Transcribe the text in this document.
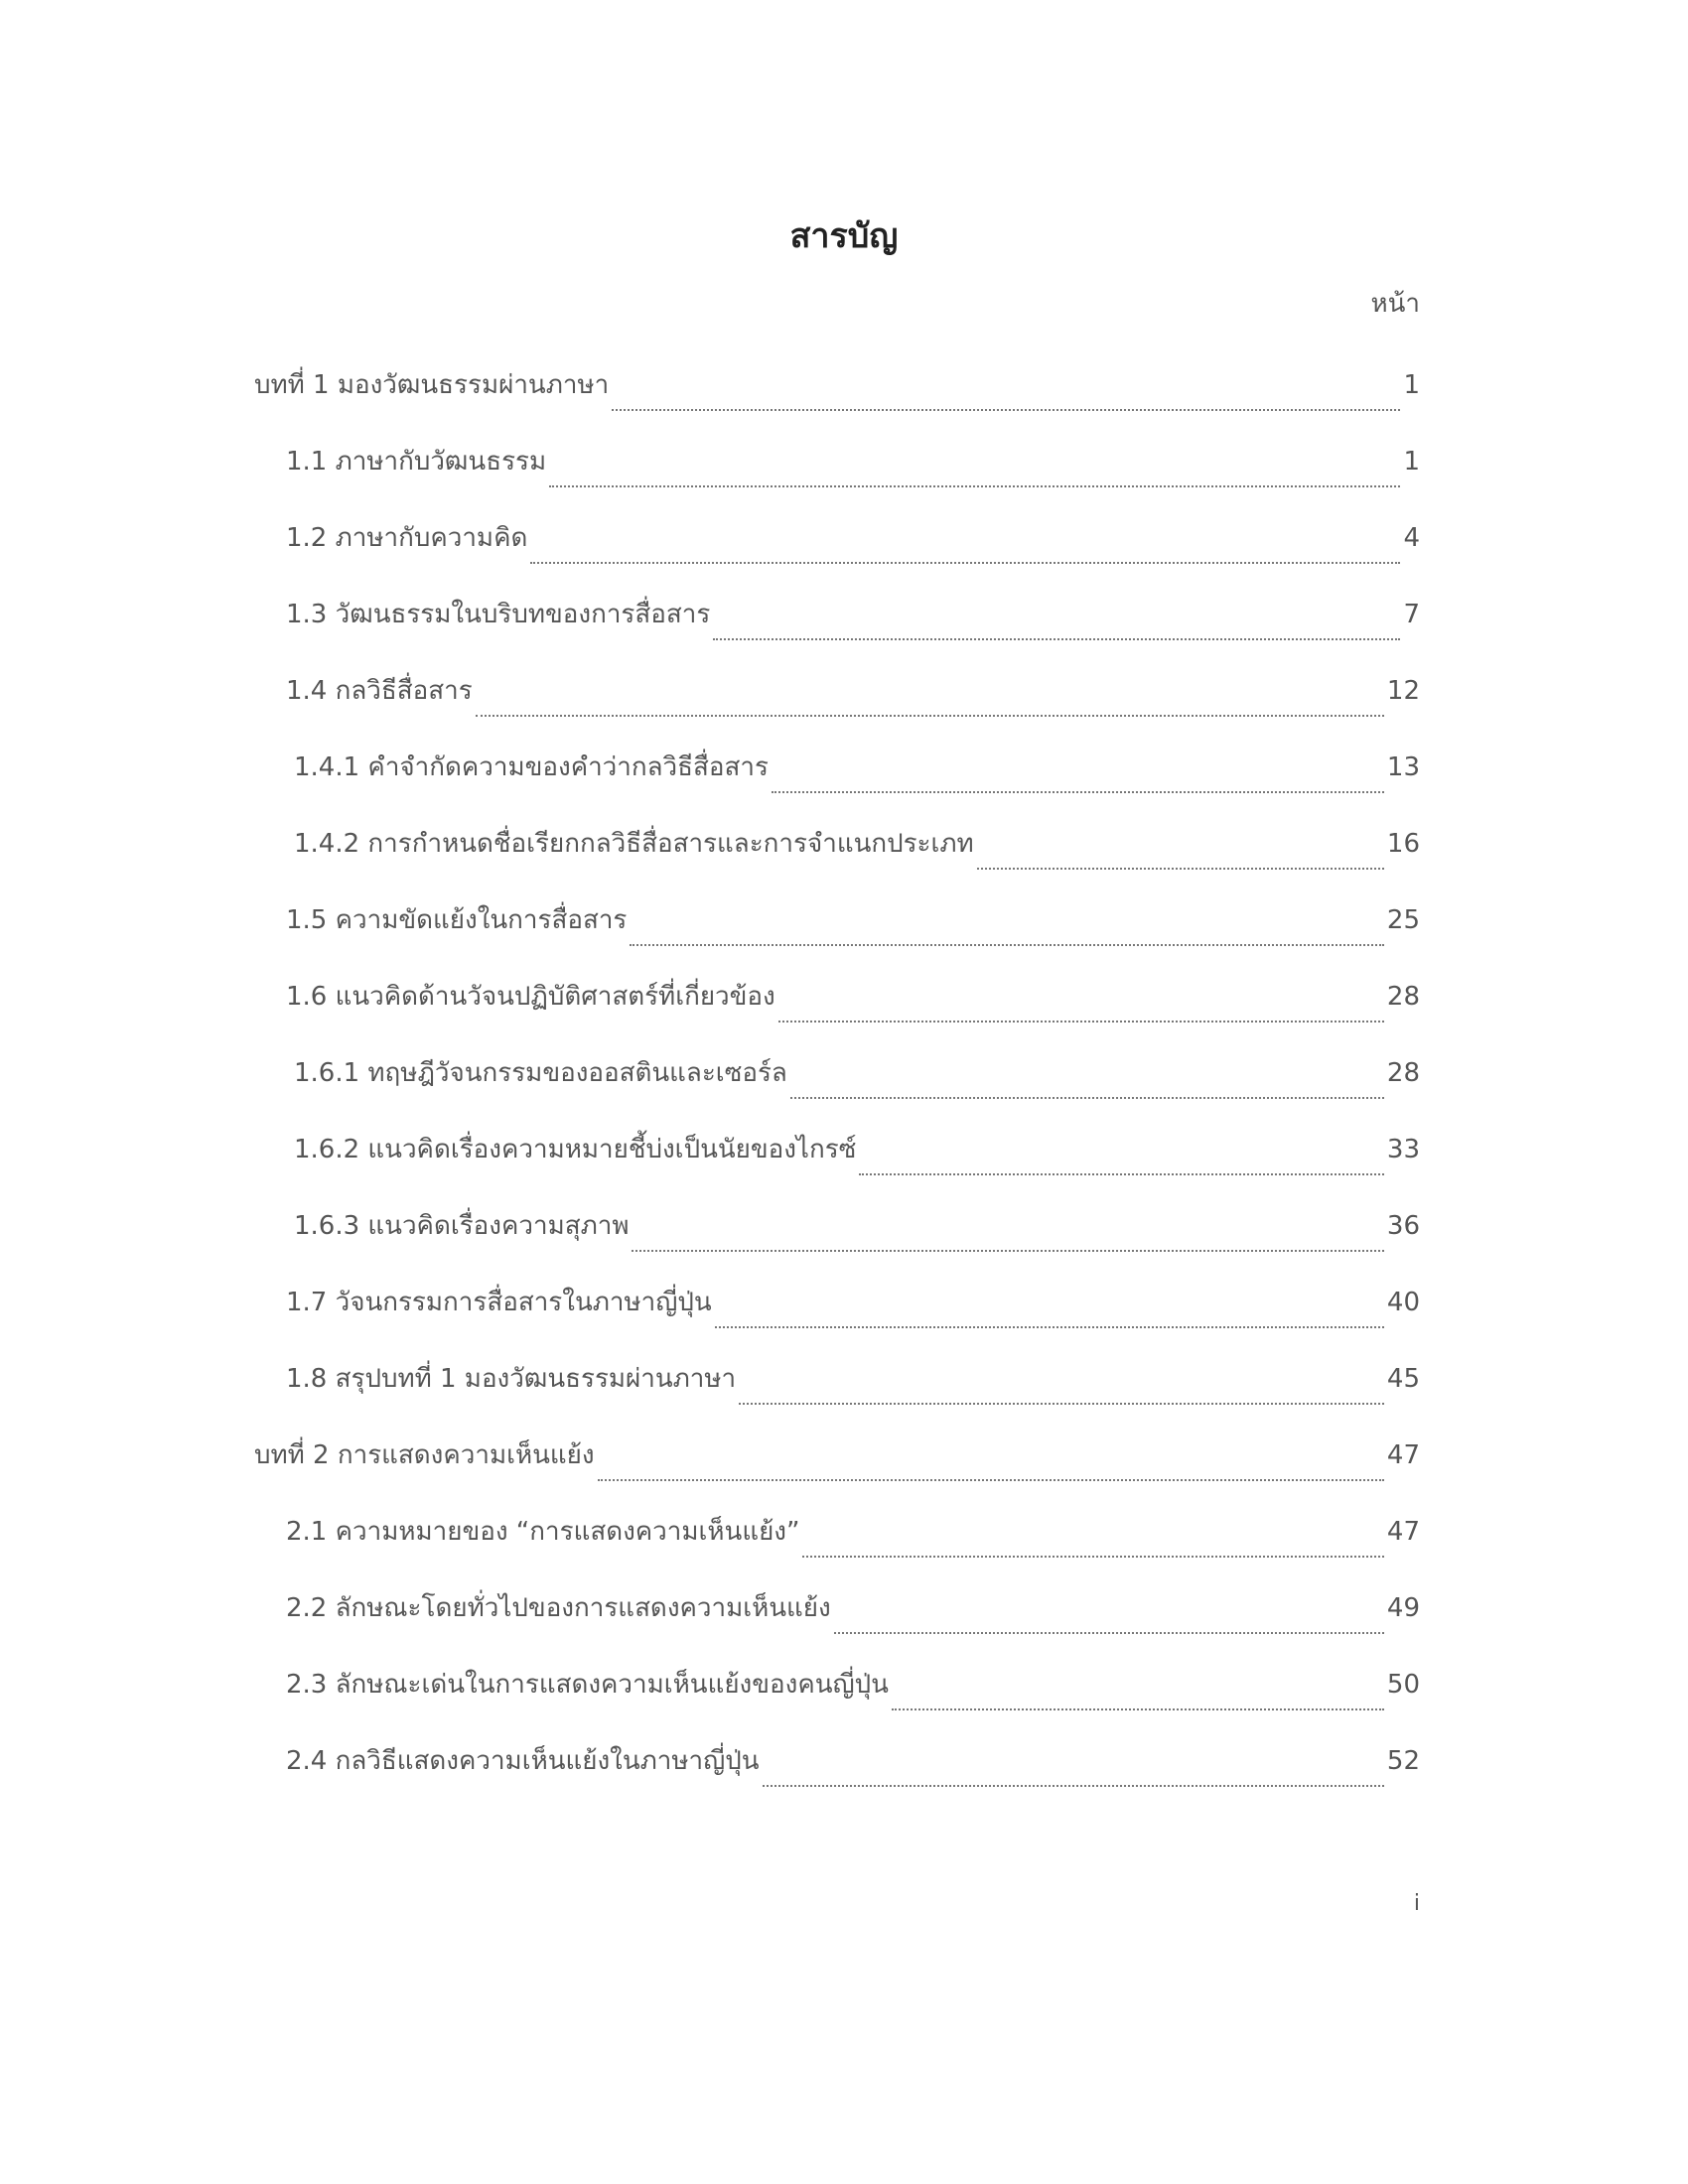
สารบัญ
หน้า
บทที่ 1 มองวัฒนธรรมผ่านภาษา	1
1.1 ภาษากับวัฒนธรรม	1
1.2 ภาษากับความคิด	4
1.3 วัฒนธรรมในบริบทของการสื่อสาร	7
1.4 กลวิธีสื่อสาร	12
1.4.1 คำจำกัดความของคำว่ากลวิธีสื่อสาร	13
1.4.2 การกำหนดชื่อเรียกกลวิธีสื่อสารและการจำแนกประเภท	16
1.5 ความขัดแย้งในการสื่อสาร	25
1.6 แนวคิดด้านวัจนปฏิบัติศาสตร์ที่เกี่ยวข้อง	28
1.6.1 ทฤษฎีวัจนกรรมของออสตินและเซอร์ล	28
1.6.2 แนวคิดเรื่องความหมายชี้บ่งเป็นนัยของไกรซ์	33
1.6.3 แนวคิดเรื่องความสุภาพ	36
1.7 วัจนกรรมการสื่อสารในภาษาญี่ปุ่น	40
1.8 สรุปบทที่ 1 มองวัฒนธรรมผ่านภาษา	45
บทที่ 2 การแสดงความเห็นแย้ง	47
2.1 ความหมายของ “การแสดงความเห็นแย้ง”	47
2.2 ลักษณะโดยทั่วไปของการแสดงความเห็นแย้ง	49
2.3 ลักษณะเด่นในการแสดงความเห็นแย้งของคนญี่ปุ่น	50
2.4 กลวิธีแสดงความเห็นแย้งในภาษาญี่ปุ่น	52
i
